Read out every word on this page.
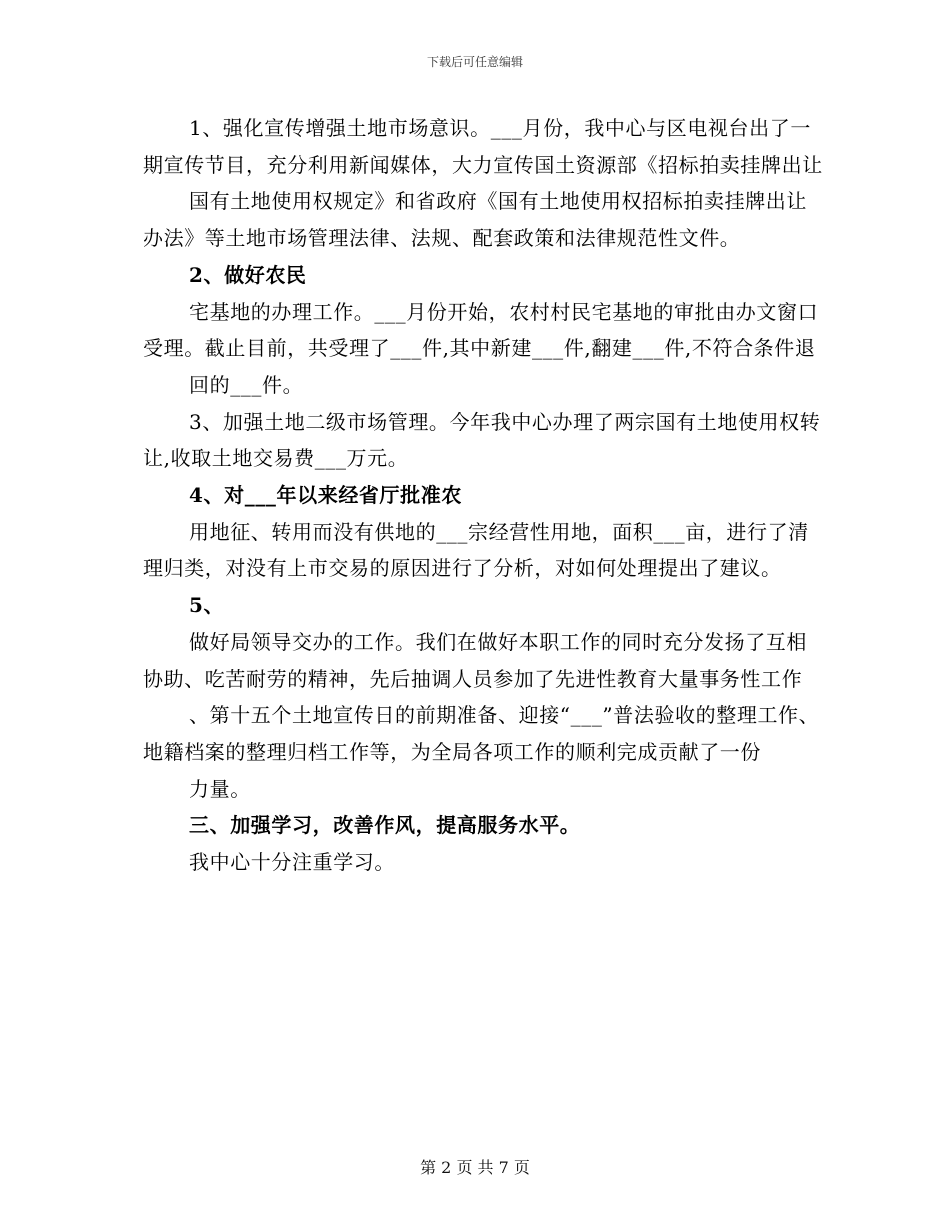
下载后可任意编辑

1、强化宣传增强土地市场意识。___月份，我中心与区电视台出了一期宣传节目，充分利用新闻媒体，大力宣传国土资源部《招标拍卖挂牌出让

国有土地使用权规定》和省政府《国有土地使用权招标拍卖挂牌出让办法》等土地市场管理法律、法规、配套政策和法律规范性文件。

2、做好农民

宅基地的办理工作。___月份开始，农村村民宅基地的审批由办文窗口受理。截止目前，共受理了___件,其中新建___件,翻建___件,不符合条件退

回的___件。

3、加强土地二级市场管理。今年我中心办理了两宗国有土地使用权转让,收取土地交易费___万元。

4、对___年以来经省厅批准农

用地征、转用而没有供地的___宗经营性用地，面积___亩，进行了清理归类，对没有上市交易的原因进行了分析，对如何处理提出了建议。

5、

做好局领导交办的工作。我们在做好本职工作的同时充分发扬了互相协助、吃苦耐劳的精神，先后抽调人员参加了先进性教育大量事务性工作

、第十五个土地宣传日的前期准备、迎接“___”普法验收的整理工作、地籍档案的整理归档工作等，为全局各项工作的顺利完成贡献了一份

力量。

三、加强学习，改善作风，提高服务水平。

我中心十分注重学习。

第 2 页 共 7 页
